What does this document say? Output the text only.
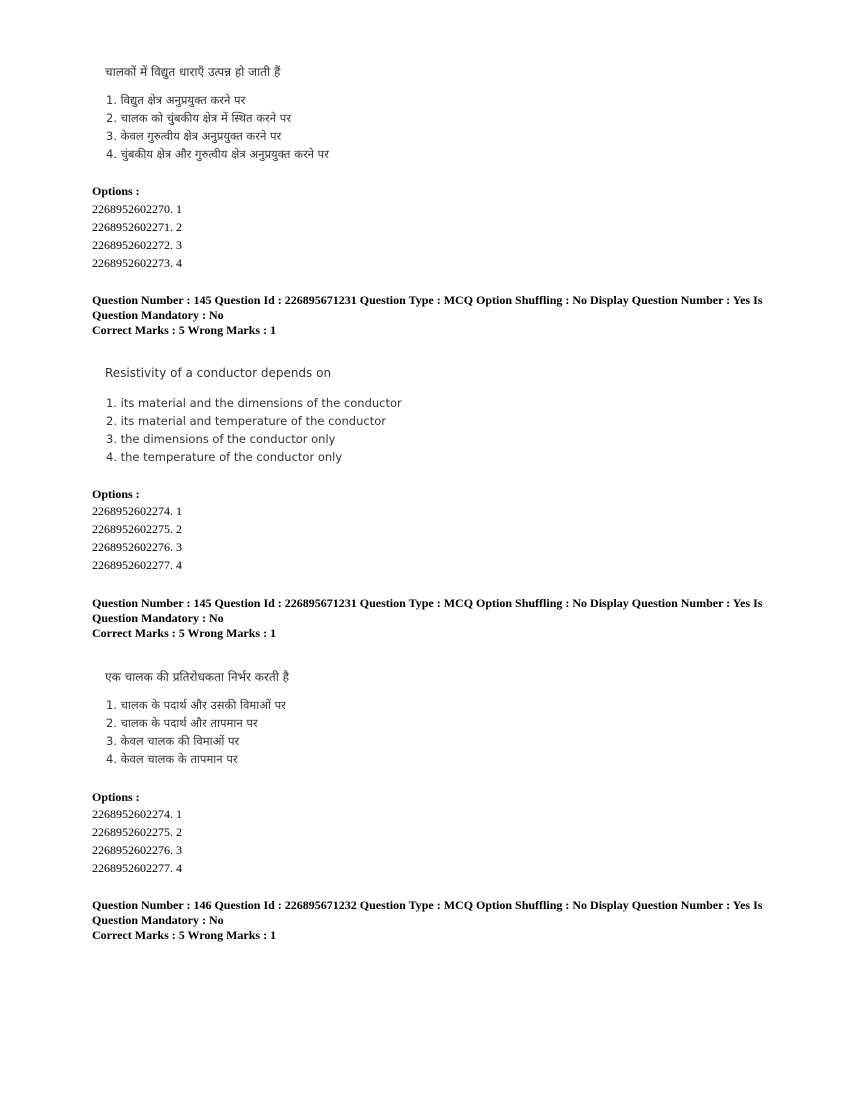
चालकों में विद्युत धाराएँ उत्पन्न हो जाती हैं
1. विद्युत क्षेत्र अनुप्रयुक्त करने पर
2. चालक को चुंबकीय क्षेत्र में स्थित करने पर
3. केवल गुरुत्वीय क्षेत्र अनुप्रयुक्त करने पर
4. चुंबकीय क्षेत्र और गुरुत्वीय क्षेत्र अनुप्रयुक्त करने पर
Options :
2268952602270. 1
2268952602271. 2
2268952602272. 3
2268952602273. 4

Question Number : 145 Question Id : 226895671231 Question Type : MCQ Option Shuffling : No Display Question Number : Yes Is Question Mandatory : No

Correct Marks : 5 Wrong Marks : 1

Resistivity of a conductor depends on
1. its material and the dimensions of the conductor
2. its material and temperature of the conductor
3. the dimensions of the conductor only
4. the temperature of the conductor only
Options :
2268952602274. 1
2268952602275. 2
2268952602276. 3
2268952602277. 4

Question Number : 145 Question Id : 226895671231 Question Type : MCQ Option Shuffling : No Display Question Number : Yes Is Question Mandatory : No

Correct Marks : 5 Wrong Marks : 1

एक चालक की प्रतिरोधकता निर्भर करती है
1. चालक के पदार्थ और उसकी विमाओं पर
2. चालक के पदार्थ और तापमान पर
3. केवल चालक की विमाओं पर
4. केवल चालक के तापमान पर
Options :
2268952602274. 1
2268952602275. 2
2268952602276. 3
2268952602277. 4

Question Number : 146 Question Id : 226895671232 Question Type : MCQ Option Shuffling : No Display Question Number : Yes Is Question Mandatory : No

Correct Marks : 5 Wrong Marks : 1
